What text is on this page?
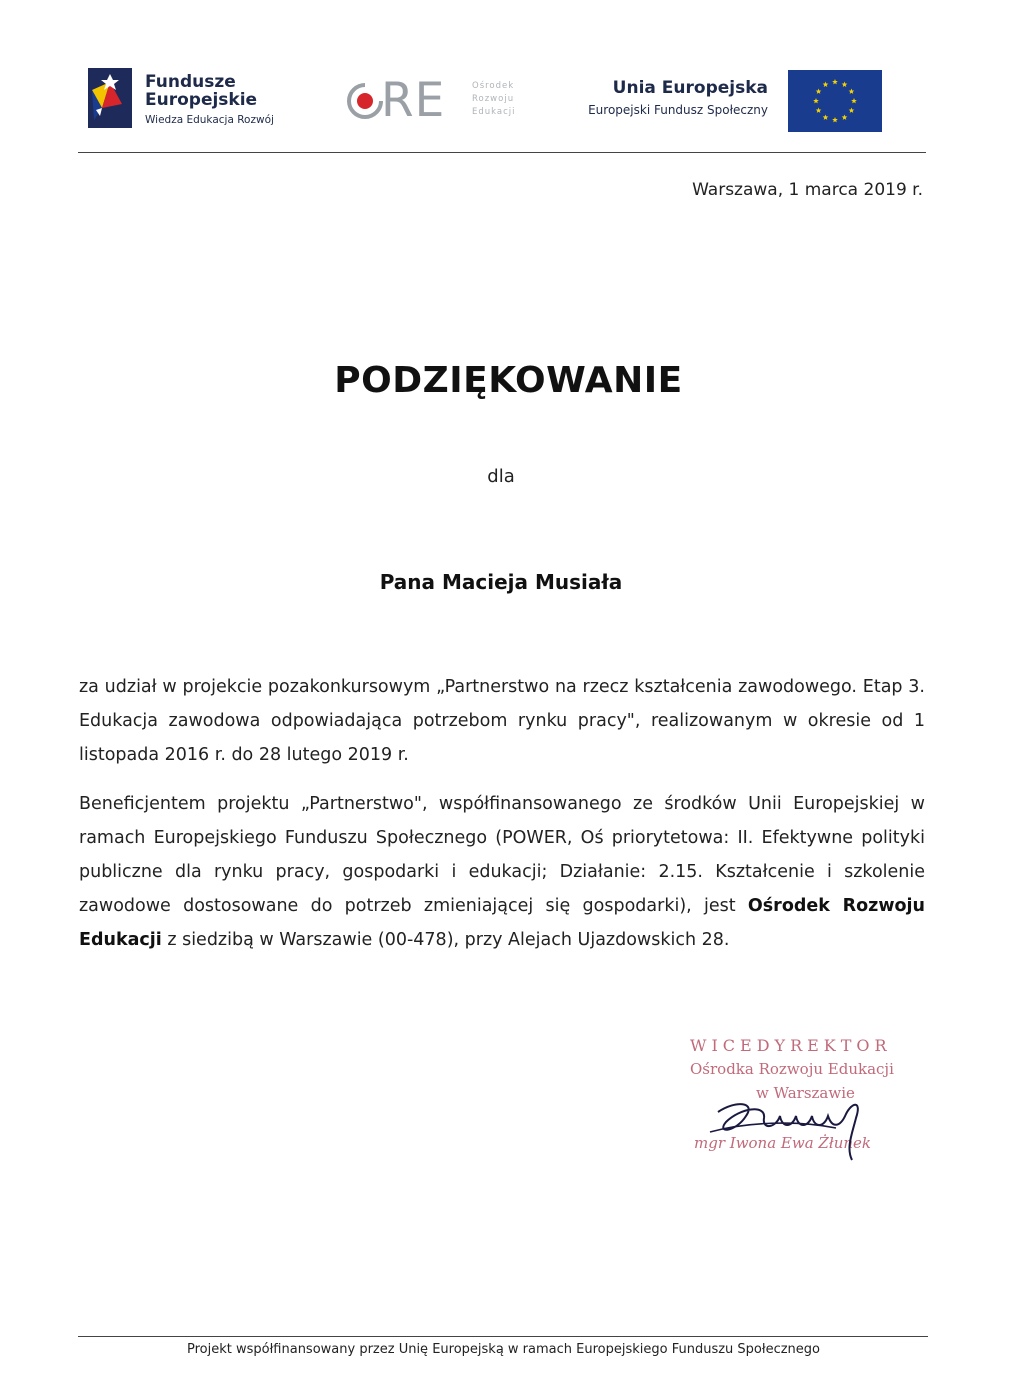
Fundusze
Europejskie
Wiedza Edukacja Rozwój RE	Ośrodek
Rozwoju
Edukacji
Unia Europejska
Europejski Fundusz Społeczny
Warszawa, 1 marca 2019 r.
PODZIĘKOWANIE
dla
Pana Macieja Musiała
za udział w projekcie pozakonkursowym „Partnerstwo na rzecz kształcenia zawodowego. Etap 3. Edukacja zawodowa odpowiadająca potrzebom rynku pracy", realizowanym w okresie od 1 listopada 2016 r. do 28 lutego 2019 r.
Beneficjentem projektu „Partnerstwo", współfinansowanego ze środków Unii Europejskiej w ramach Europejskiego Funduszu Społecznego (POWER, Oś priorytetowa: II. Efektywne polityki publiczne dla rynku pracy, gospodarki i edukacji; Działanie: 2.15. Kształcenie i szkolenie zawodowe dostosowane do potrzeb zmieniającej się gospodarki), jest Ośrodek Rozwoju Edukacji z siedzibą w Warszawie (00-478), przy Alejach Ujazdowskich 28.
WICEDYREKTOR
Ośrodka Rozwoju Edukacji
w Warszawie
mgr Iwona Ewa Żłunek
Projekt współfinansowany przez Unię Europejską w ramach Europejskiego Funduszu Społecznego
